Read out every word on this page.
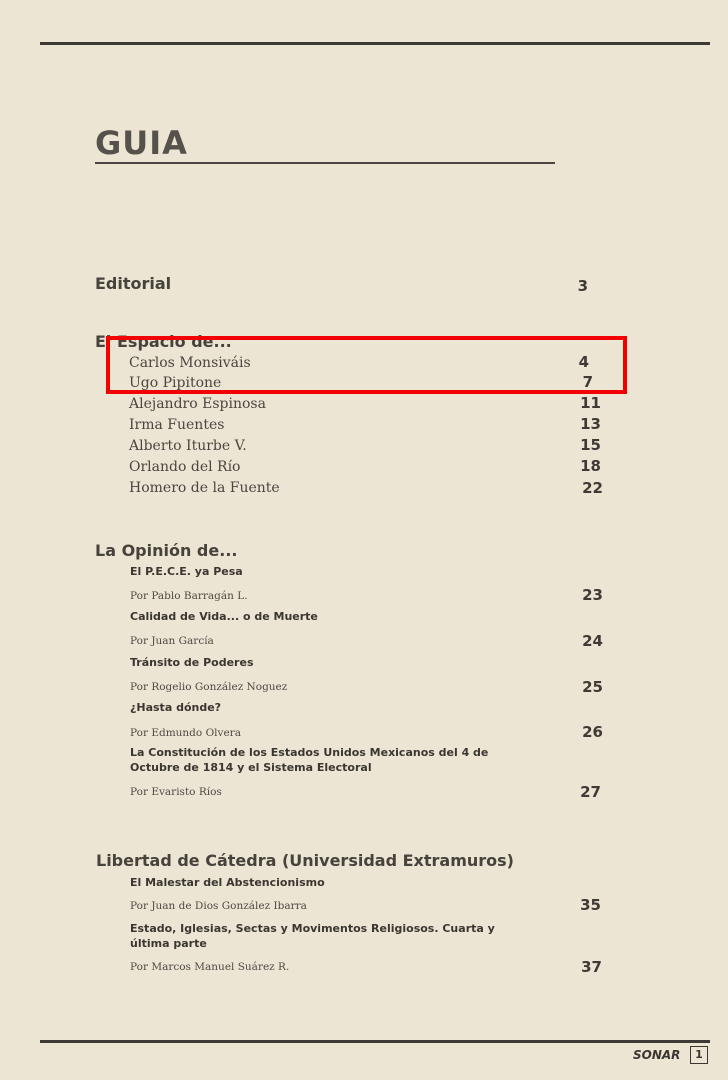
GUIA
Editorial	3
El Espacio de...
Carlos Monsiváis	4
Ugo Pipitone	7
Alejandro Espinosa	11
Irma Fuentes	13
Alberto Iturbe V.	15
Orlando del Río	18
Homero de la Fuente	22
La Opinión de...
El P.E.C.E. ya Pesa
Por Pablo Barragán L.	23
Calidad de Vida... o de Muerte
Por Juan García	24
Tránsito de Poderes
Por Rogelio González Noguez	25
¿Hasta dónde?
Por Edmundo Olvera	26
La Constitución de los Estados Unidos Mexicanos del 4 de Octubre de 1814 y el Sistema Electoral
Por Evaristo Ríos	27
Libertad de Cátedra (Universidad Extramuros)
El Malestar del Abstencionismo
Por Juan de Dios González Ibarra	35
Estado, Iglesias, Sectas y Movimentos Religiosos. Cuarta y última parte
Por Marcos Manuel Suárez R.	37
SONAR	1
